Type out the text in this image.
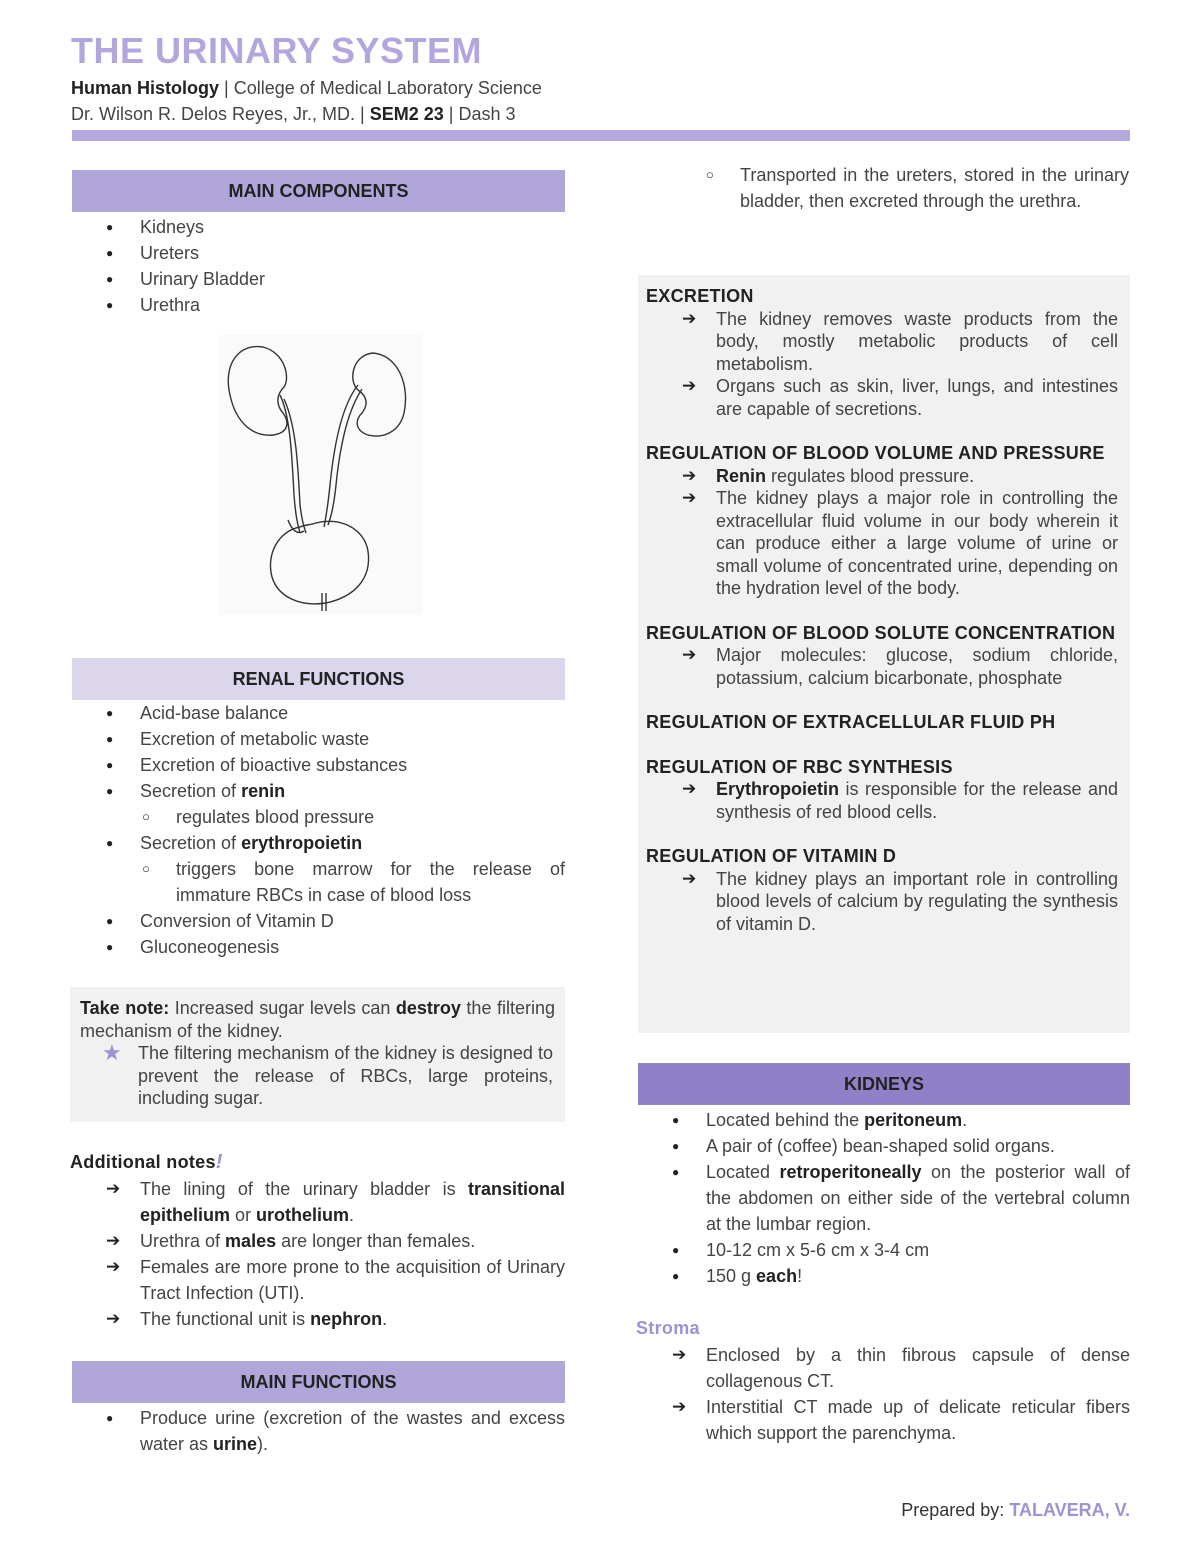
THE URINARY SYSTEM
Human Histology | College of Medical Laboratory Science
Dr. Wilson R. Delos Reyes, Jr., MD. | SEM2 23 | Dash 3
MAIN COMPONENTS
● Kidneys
● Ureters
● Urinary Bladder
● Urethra
RENAL FUNCTIONS
● Acid-base balance
● Excretion of metabolic waste
● Excretion of bioactive substances
● Secretion of renin
○ regulates blood pressure
● Secretion of erythropoietin
○ triggers bone marrow for the release of immature RBCs in case of blood loss
● Conversion of Vitamin D
● Gluconeogenesis
Take note: Increased sugar levels can destroy the filtering mechanism of the kidney.
★ The filtering mechanism of the kidney is designed to prevent the release of RBCs, large proteins, including sugar.
Additional notes!
➔ The lining of the urinary bladder is transitional epithelium or urothelium.
➔ Urethra of males are longer than females.
➔ Females are more prone to the acquisition of Urinary Tract Infection (UTI).
➔ The functional unit is nephron.
MAIN FUNCTIONS
● Produce urine (excretion of the wastes and excess water as urine).
○ Transported in the ureters, stored in the urinary bladder, then excreted through the urethra.
EXCRETION
➔ The kidney removes waste products from the body, mostly metabolic products of cell metabolism.
➔ Organs such as skin, liver, lungs, and intestines are capable of secretions.
REGULATION OF BLOOD VOLUME AND PRESSURE
➔ Renin regulates blood pressure.
➔ The kidney plays a major role in controlling the extracellular fluid volume in our body wherein it can produce either a large volume of urine or small volume of concentrated urine, depending on the hydration level of the body.
REGULATION OF BLOOD SOLUTE CONCENTRATION
➔ Major molecules: glucose, sodium chloride, potassium, calcium bicarbonate, phosphate
REGULATION OF EXTRACELLULAR FLUID PH
REGULATION OF RBC SYNTHESIS
➔ Erythropoietin is responsible for the release and synthesis of red blood cells.
REGULATION OF VITAMIN D
➔ The kidney plays an important role in controlling blood levels of calcium by regulating the synthesis of vitamin D.
KIDNEYS
● Located behind the peritoneum.
● A pair of (coffee) bean-shaped solid organs.
● Located retroperitoneally on the posterior wall of the abdomen on either side of the vertebral column at the lumbar region.
● 10-12 cm x 5-6 cm x 3-4 cm
● 150 g each!
Stroma
➔ Enclosed by a thin fibrous capsule of dense collagenous CT.
➔ Interstitial CT made up of delicate reticular fibers which support the parenchyma.
Prepared by: TALAVERA, V.
